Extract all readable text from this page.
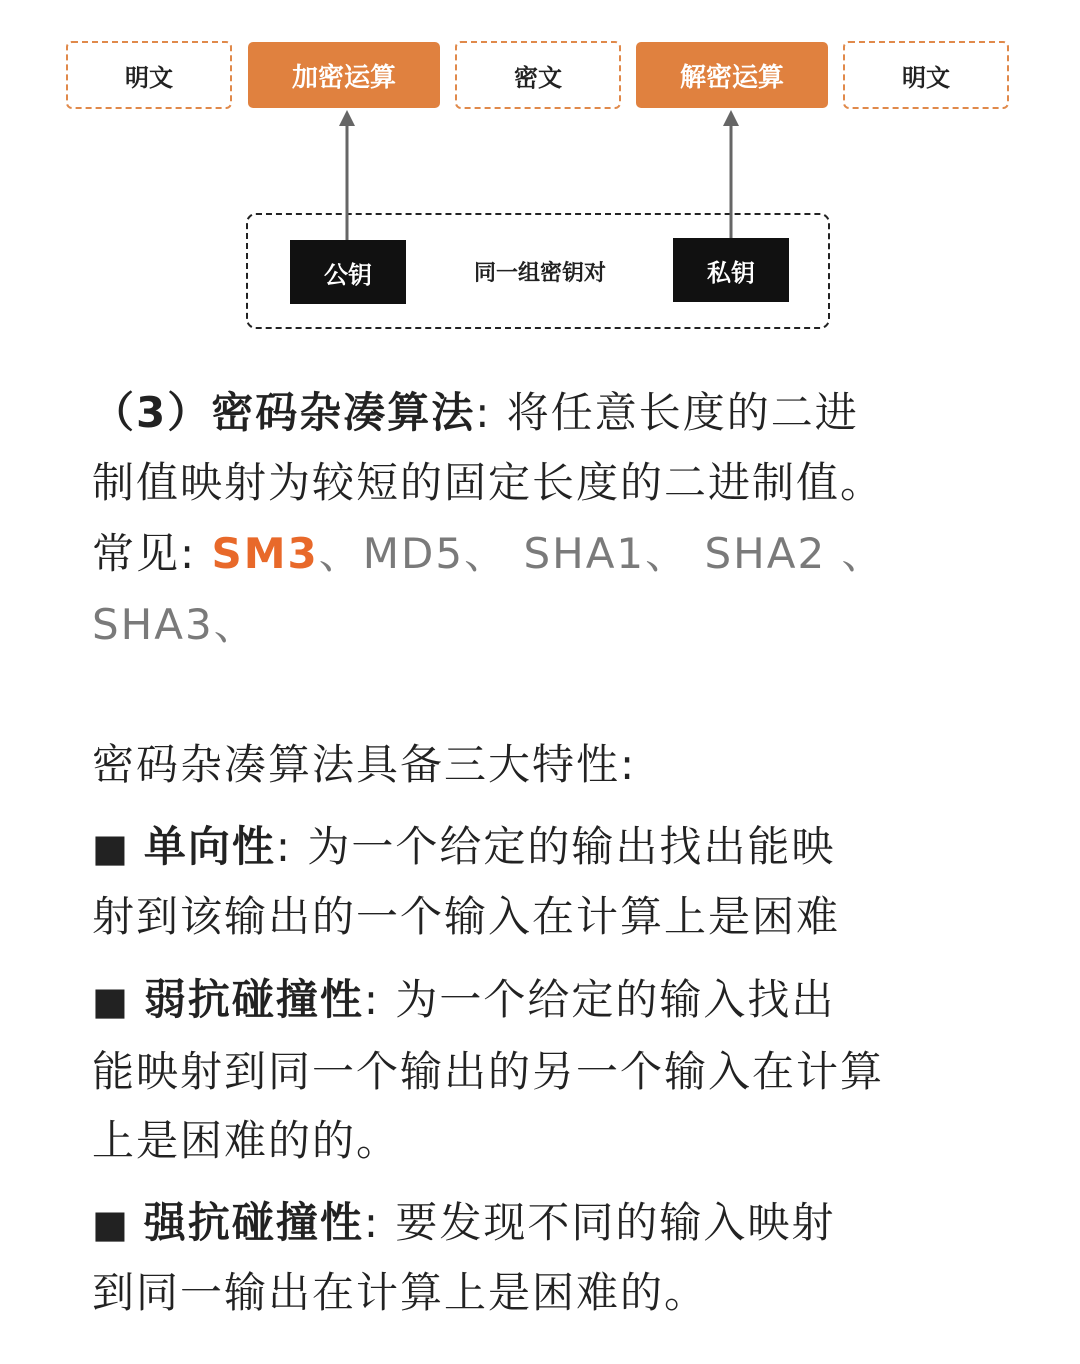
明文	加密运算	密文	解密运算	明文
公钥	同一组密钥对	私钥
（3）密码杂凑算法: 将任意长度的二进
制值映射为较短的固定长度的二进制值。
常见: SM3、MD5、 SHA1、 SHA2 、
SHA3、
密码杂凑算法具备三大特性:
■ 单向性: 为一个给定的输出找出能映
射到该输出的一个输入在计算上是困难
■ 弱抗碰撞性: 为一个给定的输入找出
能映射到同一个输出的另一个输入在计算
上是困难的的。
■ 强抗碰撞性: 要发现不同的输入映射
到同一输出在计算上是困难的。
